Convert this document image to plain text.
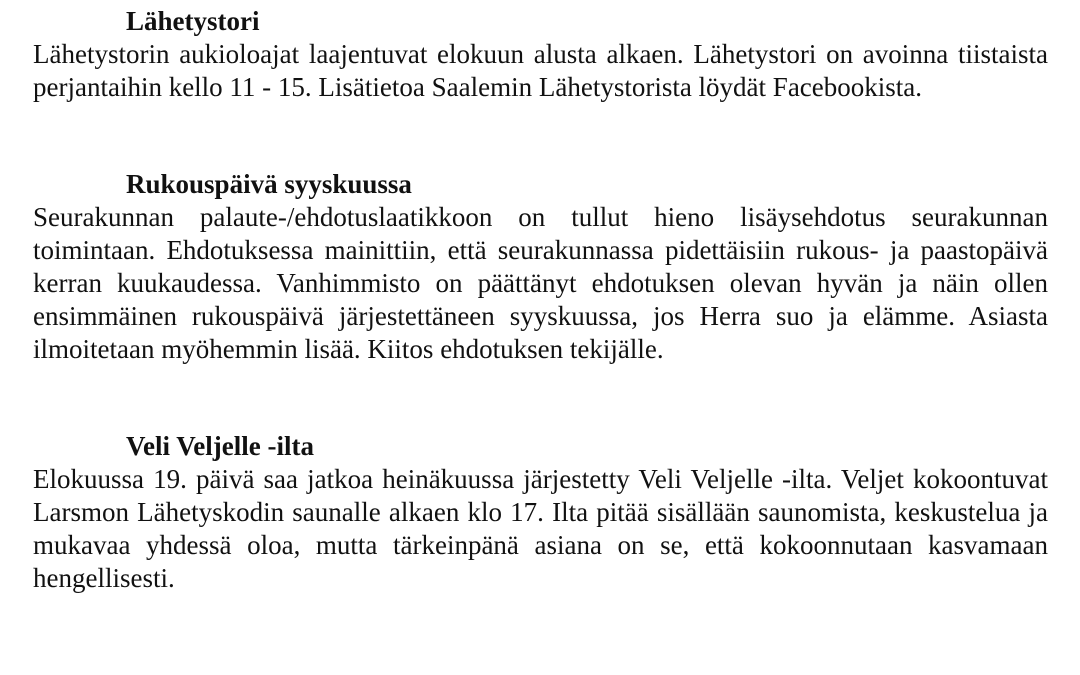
Lähetystori

Lähetystorin aukioloajat laajentuvat elokuun alusta alkaen. Lähetystori on avoinna tiistaista perjantaihin kello 11 - 15. Lisätietoa Saalemin Lähetystorista löydät Facebookista.

Rukouspäivä syyskuussa

Seurakunnan palaute-/ehdotuslaatikkoon on tullut hieno lisäysehdotus seurakunnan toimintaan. Ehdotuksessa mainittiin, että seurakunnassa pidettäisiin rukous- ja paastopäivä kerran kuukaudessa. Vanhimmisto on päättänyt ehdotuksen olevan hyvän ja näin ollen ensimmäinen rukouspäivä järjestettäneen syyskuussa, jos Herra suo ja elämme. Asiasta ilmoitetaan myöhemmin lisää. Kiitos ehdotuksen tekijälle.

Veli Veljelle -ilta

Elokuussa 19. päivä saa jatkoa heinäkuussa järjestetty Veli Veljelle -ilta. Veljet kokoontuvat Larsmon Lähetyskodin saunalle alkaen klo 17. Ilta pitää sisällään saunomista, keskustelua ja mukavaa yhdessä oloa, mutta tärkeinpänä asiana on se, että kokoonnutaan kasvamaan hengellisesti.
